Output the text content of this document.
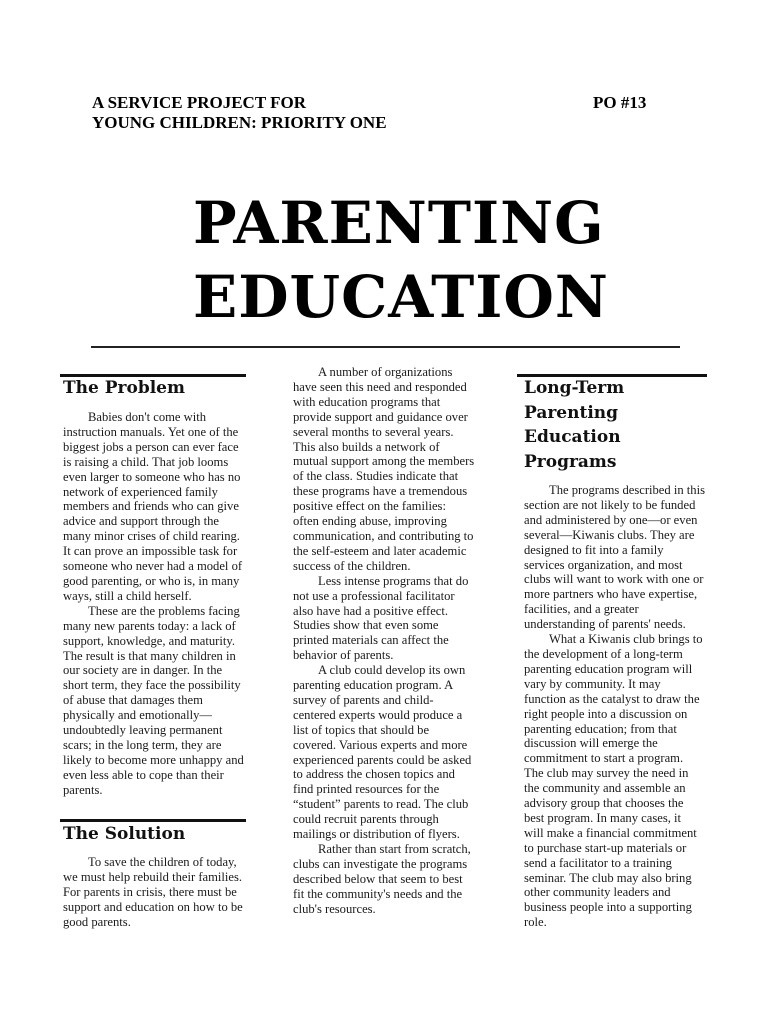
A SERVICE PROJECT FOR
YOUNG CHILDREN: PRIORITY ONE
PO #13
PARENTING
EDUCATION
The Problem
Babies don't come with
instruction manuals. Yet one of the
biggest jobs a person can ever face
is raising a child. That job looms
even larger to someone who has no
network of experienced family
members and friends who can give
advice and support through the
many minor crises of child rearing.
It can prove an impossible task for
someone who never had a model of
good parenting, or who is, in many
ways, still a child herself.
These are the problems facing
many new parents today: a lack of
support, knowledge, and maturity.
The result is that many children in
our society are in danger. In the
short term, they face the possibility
of abuse that damages them
physically and emotionally—
undoubtedly leaving permanent
scars; in the long term, they are
likely to become more unhappy and
even less able to cope than their
parents.
The Solution
To save the children of today,
we must help rebuild their families.
For parents in crisis, there must be
support and education on how to be
good parents.
A number of organizations
have seen this need and responded
with education programs that
provide support and guidance over
several months to several years.
This also builds a network of
mutual support among the members
of the class. Studies indicate that
these programs have a tremendous
positive effect on the families:
often ending abuse, improving
communication, and contributing to
the self-esteem and later academic
success of the children.
Less intense programs that do
not use a professional facilitator
also have had a positive effect.
Studies show that even some
printed materials can affect the
behavior of parents.
A club could develop its own
parenting education program. A
survey of parents and child-
centered experts would produce a
list of topics that should be
covered. Various experts and more
experienced parents could be asked
to address the chosen topics and
find printed resources for the
“student” parents to read. The club
could recruit parents through
mailings or distribution of flyers.
Rather than start from scratch,
clubs can investigate the programs
described below that seem to best
fit the community's needs and the
club's resources.
Long-Term
Parenting
Education
Programs
The programs described in this
section are not likely to be funded
and administered by one—or even
several—Kiwanis clubs. They are
designed to fit into a family
services organization, and most
clubs will want to work with one or
more partners who have expertise,
facilities, and a greater
understanding of parents' needs.
What a Kiwanis club brings to
the development of a long-term
parenting education program will
vary by community. It may
function as the catalyst to draw the
right people into a discussion on
parenting education; from that
discussion will emerge the
commitment to start a program.
The club may survey the need in
the community and assemble an
advisory group that chooses the
best program. In many cases, it
will make a financial commitment
to purchase start-up materials or
send a facilitator to a training
seminar. The club may also bring
other community leaders and
business people into a supporting
role.
